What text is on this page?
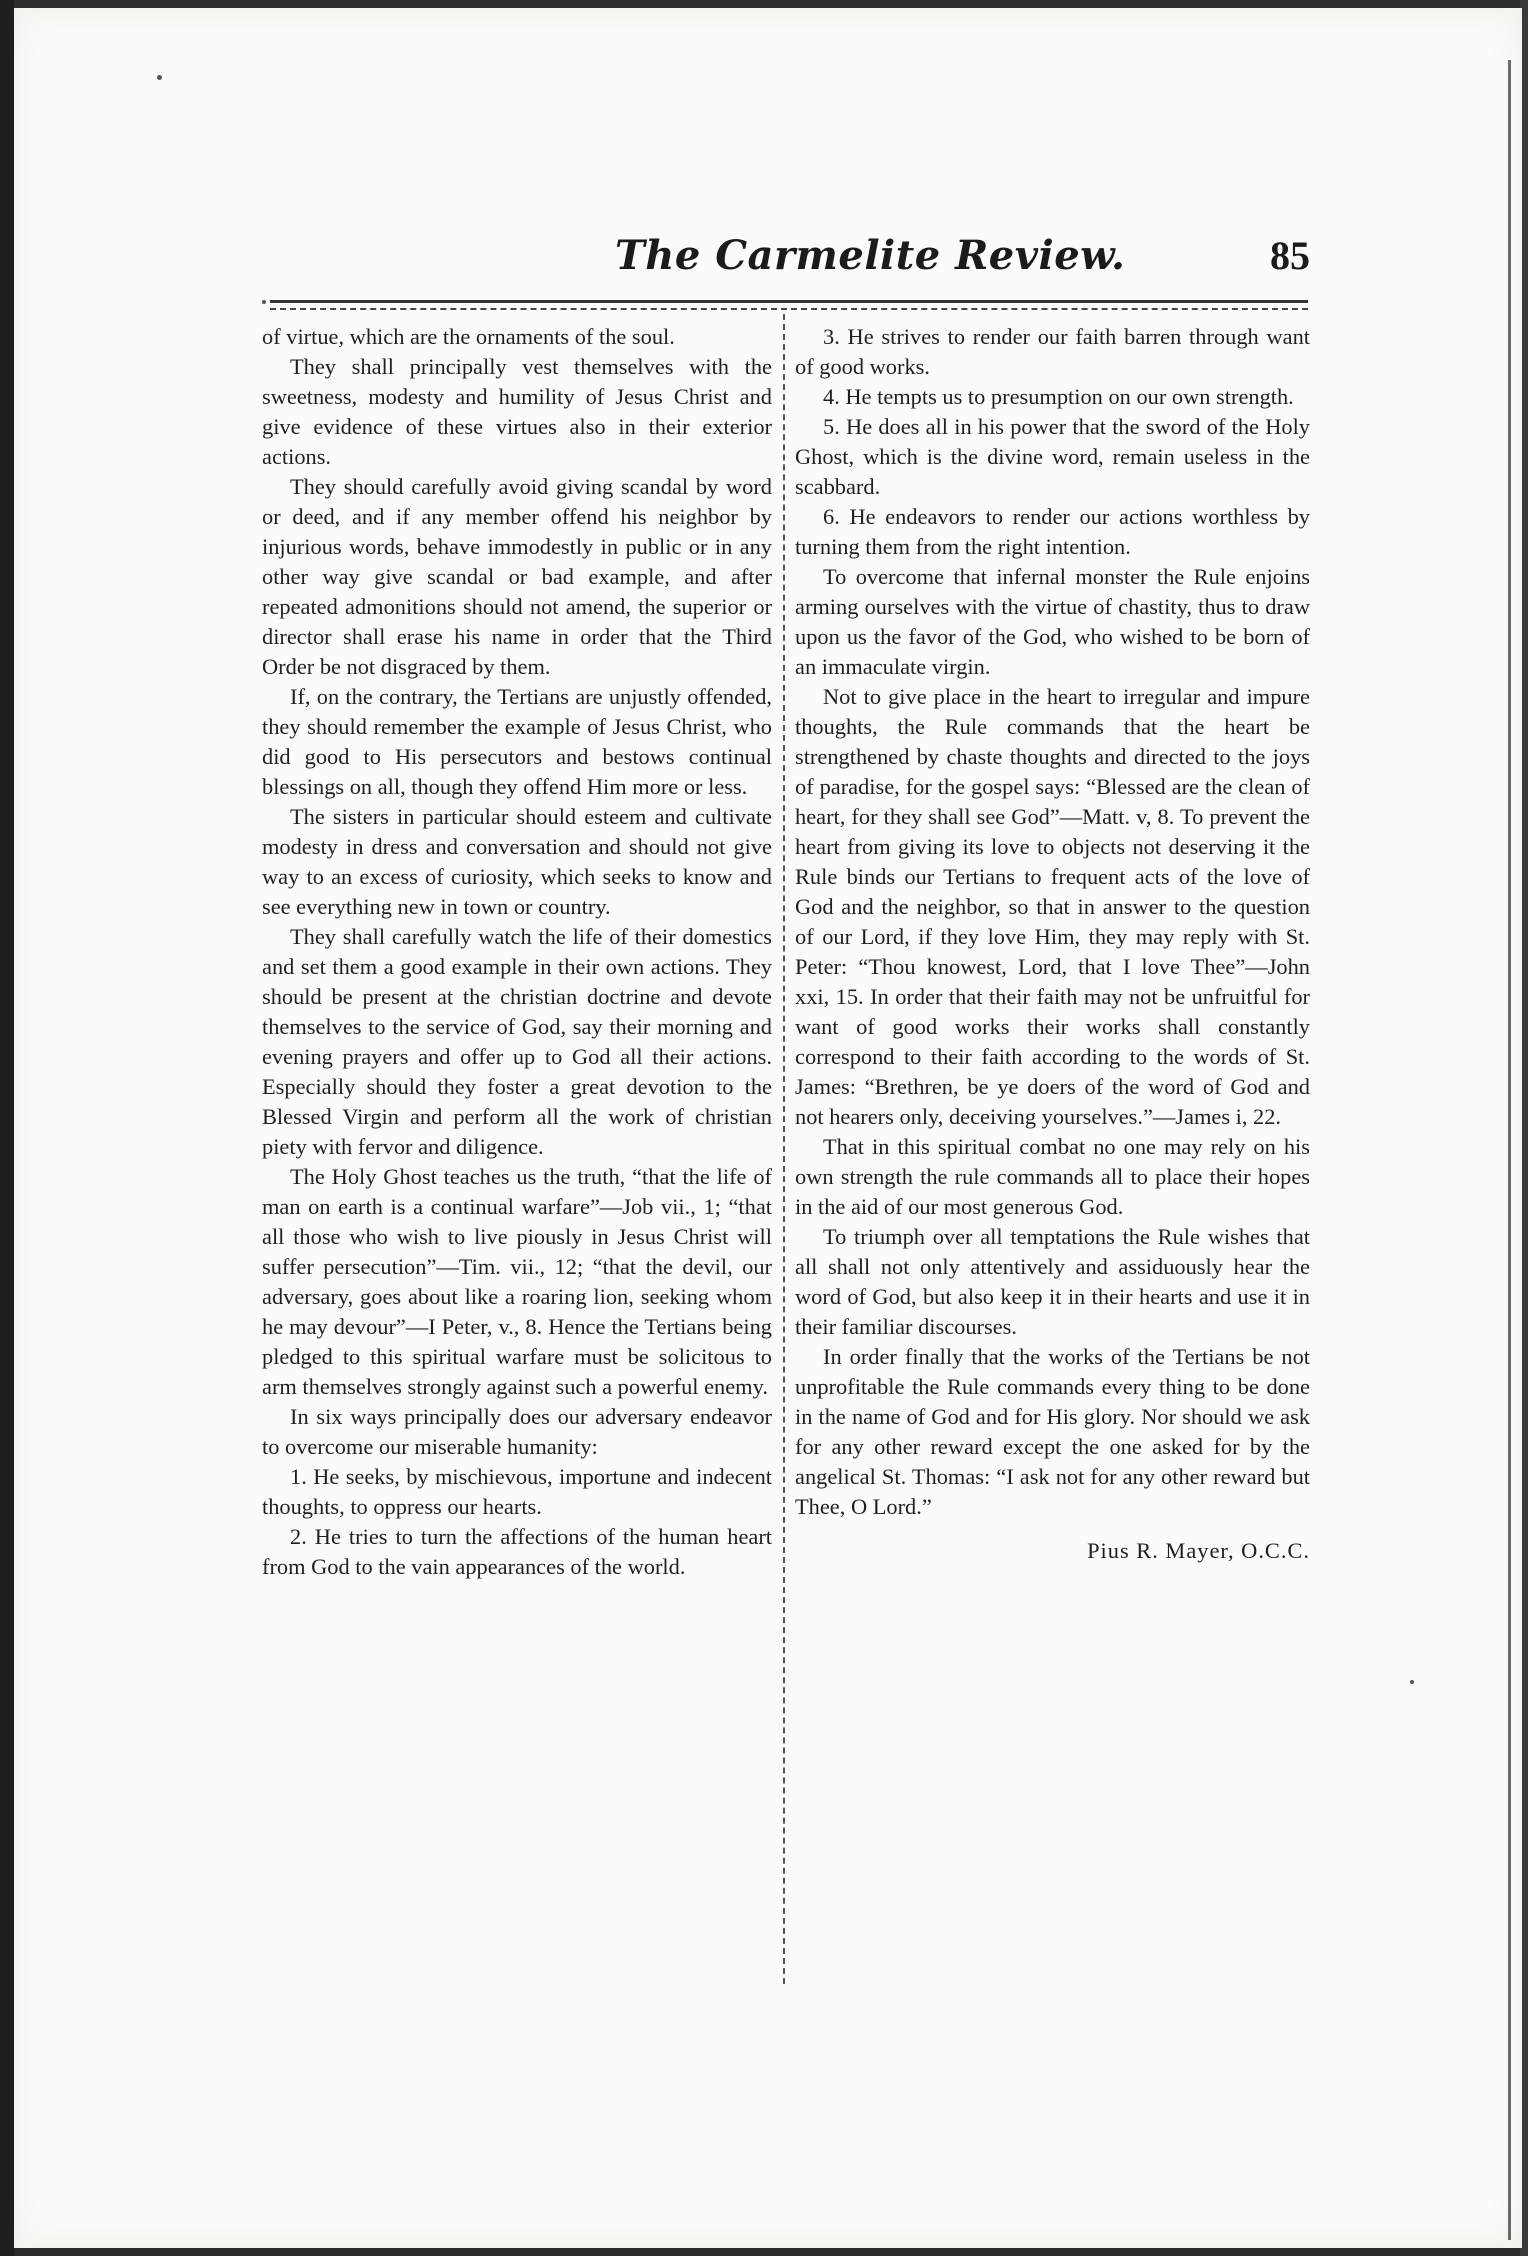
The Carmelite Review.	85

of virtue, which are the ornaments of the soul.

They shall principally vest themselves with the sweetness, modesty and humility of Jesus Christ and give evidence of these virtues also in their exterior actions.

They should carefully avoid giving scandal by word or deed, and if any member offend his neighbor by injurious words, behave immodestly in public or in any other way give scandal or bad example, and after repeated admonitions should not amend, the superior or director shall erase his name in order that the Third Order be not disgraced by them.

If, on the contrary, the Tertians are unjustly offended, they should remember the example of Jesus Christ, who did good to His persecutors and bestows continual blessings on all, though they offend Him more or less.

The sisters in particular should esteem and cultivate modesty in dress and conversation and should not give way to an excess of curiosity, which seeks to know and see everything new in town or country.

They shall carefully watch the life of their domestics and set them a good example in their own actions. They should be present at the christian doctrine and devote themselves to the service of God, say their morning and evening prayers and offer up to God all their actions. Especially should they foster a great devotion to the Blessed Virgin and perform all the work of christian piety with fervor and diligence.

The Holy Ghost teaches us the truth, “that the life of man on earth is a continual warfare”—Job vii., 1; “that all those who wish to live piously in Jesus Christ will suffer persecution”—Tim. vii., 12; “that the devil, our adversary, goes about like a roaring lion, seeking whom he may devour”—I Peter, v., 8. Hence the Tertians being pledged to this spiritual warfare must be solicitous to arm themselves strongly against such a powerful enemy.

In six ways principally does our adversary endeavor to overcome our miserable humanity:

1. He seeks, by mischievous, importune and indecent thoughts, to oppress our hearts.

2. He tries to turn the affections of the human heart from God to the vain appearances of the world.

3. He strives to render our faith barren through want of good works.

4. He tempts us to presumption on our own strength.

5. He does all in his power that the sword of the Holy Ghost, which is the divine word, remain useless in the scabbard.

6. He endeavors to render our actions worthless by turning them from the right intention.

To overcome that infernal monster the Rule enjoins arming ourselves with the virtue of chastity, thus to draw upon us the favor of the God, who wished to be born of an immaculate virgin.

Not to give place in the heart to irregular and impure thoughts, the Rule commands that the heart be strengthened by chaste thoughts and directed to the joys of paradise, for the gospel says: “Blessed are the clean of heart, for they shall see God”—Matt. v, 8. To prevent the heart from giving its love to objects not deserving it the Rule binds our Tertians to frequent acts of the love of God and the neighbor, so that in answer to the question of our Lord, if they love Him, they may reply with St. Peter: “Thou knowest, Lord, that I love Thee”—John xxi, 15. In order that their faith may not be unfruitful for want of good works their works shall constantly correspond to their faith according to the words of St. James: “Brethren, be ye doers of the word of God and not hearers only, deceiving yourselves.”—James i, 22.

That in this spiritual combat no one may rely on his own strength the rule commands all to place their hopes in the aid of our most generous God.

To triumph over all temptations the Rule wishes that all shall not only attentively and assiduously hear the word of God, but also keep it in their hearts and use it in their familiar discourses.

In order finally that the works of the Tertians be not unprofitable the Rule commands every thing to be done in the name of God and for His glory. Nor should we ask for any other reward except the one asked for by the angelical St. Thomas: “I ask not for any other reward but Thee, O Lord.”

Pius R. Mayer, O.C.C.
